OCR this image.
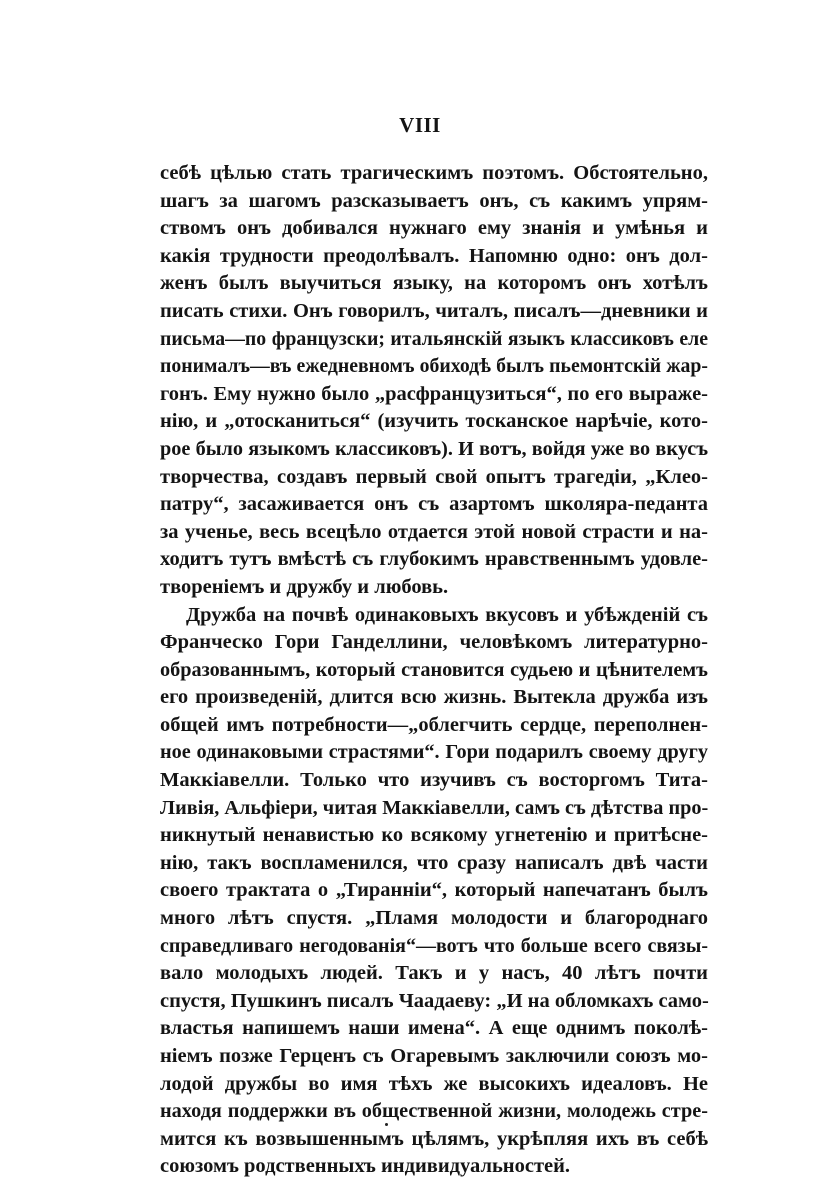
VIII
себѣ цѣлью стать трагическимъ поэтомъ. Обстоятельно,
шагъ за шагомъ разсказываетъ онъ, съ какимъ упрям-
ствомъ онъ добивался нужнаго ему знанія и умѣнья и
какія трудности преодолѣвалъ. Напомню одно: онъ дол-
женъ былъ выучиться языку, на которомъ онъ хотѣлъ
писать стихи. Онъ говорилъ, читалъ, писалъ—дневники и
письма—по французски; итальянскій языкъ классиковъ еле
понималъ—въ ежедневномъ обиходѣ былъ пьемонтскій жар-
гонъ. Ему нужно было „расфранцузиться“, по его выраже-
нію, и „отосканиться“ (изучить тосканское нарѣчіе, кото-
рое было языкомъ классиковъ). И вотъ, войдя уже во вкусъ
творчества, создавъ первый свой опытъ трагедіи, „Клео-
патру“, засаживается онъ съ азартомъ школяра-педанта
за ученье, весь всецѣло отдается этой новой страсти и на-
ходитъ тутъ вмѣстѣ съ глубокимъ нравственнымъ удовле-
твореніемъ и дружбу и любовь.
Дружба на почвѣ одинаковыхъ вкусовъ и убѣжденій съ
Франческо Гори Ганделлини, человѣкомъ литературно-
образованнымъ, который становится судьею и цѣнителемъ
его произведеній, длится всю жизнь. Вытекла дружба изъ
общей имъ потребности—„облегчить сердце, переполнен-
ное одинаковыми страстями“. Гори подарилъ своему другу
Маккіавелли. Только что изучивъ съ восторгомъ Тита-
Ливія, Альфіери, читая Маккіавелли, самъ съ дѣтства про-
никнутый ненавистью ко всякому угнетенію и притѣсне-
нію, такъ воспламенился, что сразу написалъ двѣ части
своего трактата о „Тиранніи“, который напечатанъ былъ
много лѣтъ спустя. „Пламя молодости и благороднаго
справедливаго негодованія“—вотъ что больше всего связы-
вало молодыхъ людей. Такъ и у насъ, 40 лѣтъ почти
спустя, Пушкинъ писалъ Чаадаеву: „И на обломкахъ само-
властья напишемъ наши имена“. А еще однимъ поколѣ-
ніемъ позже Герценъ съ Огаревымъ заключили союзъ мо-
лодой дружбы во имя тѣхъ же высокихъ идеаловъ. Не
находя поддержки въ общественной жизни, молодежь стре-
мится къ возвышеннымъ цѣлямъ, укрѣпляя ихъ въ себѣ
союзомъ родственныхъ индивидуальностей.
